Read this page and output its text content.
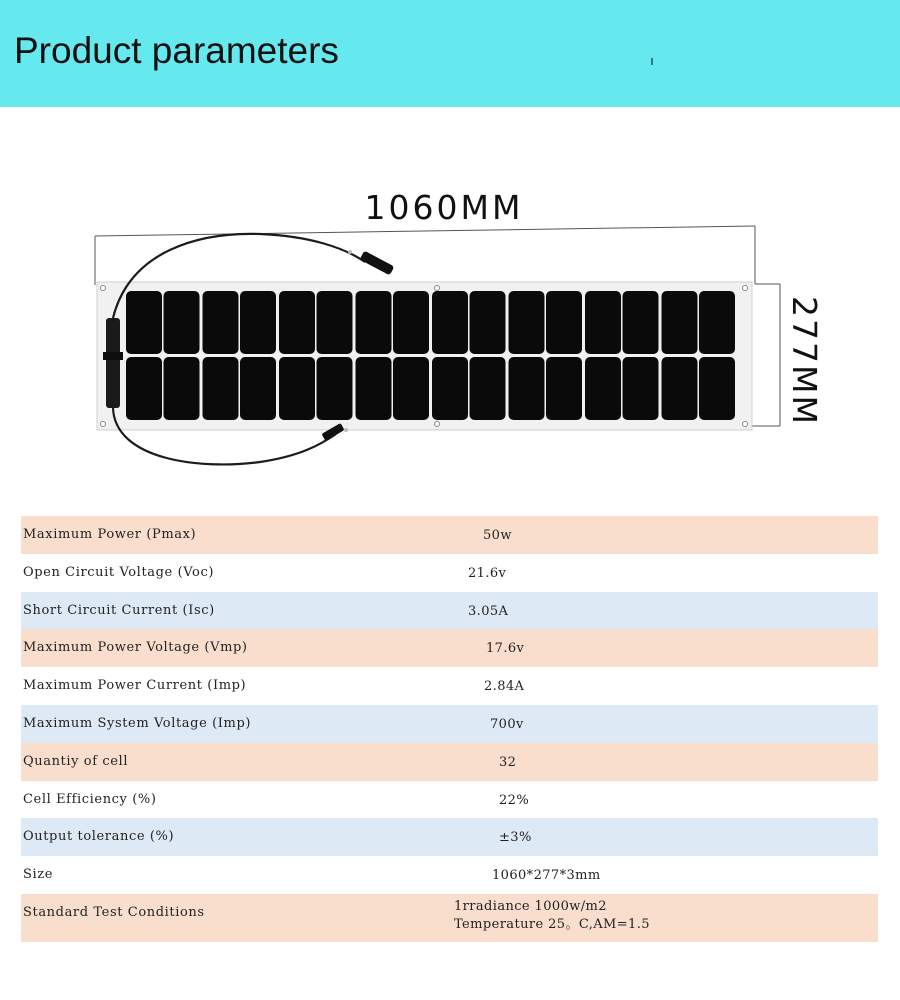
Product parameters
1060MM
277MM
Maximum Power (Pmax)	50w
Open Circuit Voltage (Voc)	21.6v
Short Circuit Current (Isc)	3.05A
Maximum Power Voltage (Vmp)	17.6v
Maximum Power Current (Imp)	2.84A
Maximum System Voltage (Imp)	700v
Quantiy of cell	32
Cell Efficiency (%)	22%
Output tolerance (%)	±3%
Size	1060*277*3mm
Standard Test Conditions	1rradiance 1000w/m2
Temperature 25。C,AM=1.5
